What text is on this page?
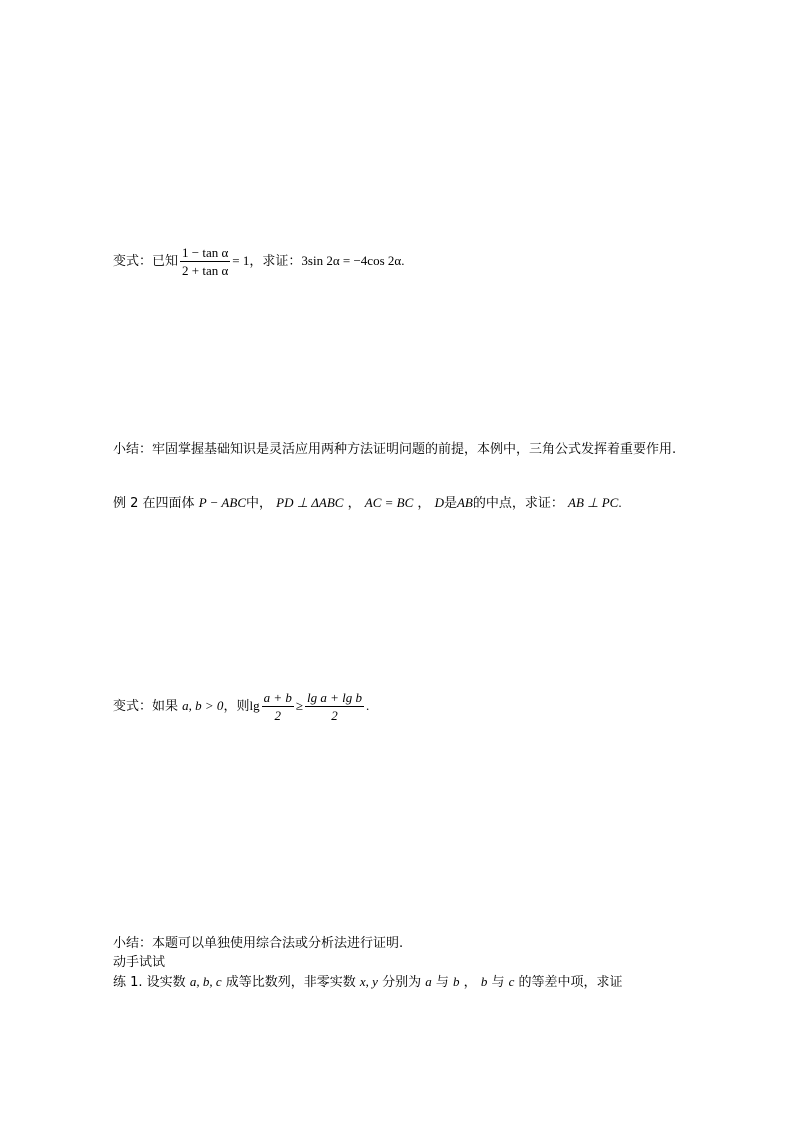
变式：已知 $\frac{\text{1 − tan α}}{\text{2 + tan α}} = 1$，求证：3sin 2α = −4cos 2α.
小结：牢固掌握基础知识是灵活应用两种方法证明问题的前提，本例中，三角公式发挥着重要作用.
例 2 在四面体 P − ABC中， PD ⊥ ΔABC ， AC = BC ， D是AB的中点，求证： AB ⊥ PC.
变式：如果 a, b > 0，则$\lg \frac{a + b}{2} \ge \frac{\text{lg a + lg b}}{2}$ .
小结：本题可以单独使用综合法或分析法进行证明.
动手试试
练 1. 设实数 a, b, c 成等比数列，非零实数 x, y 分别为 a 与 b ， b 与 c 的等差中项，求证
